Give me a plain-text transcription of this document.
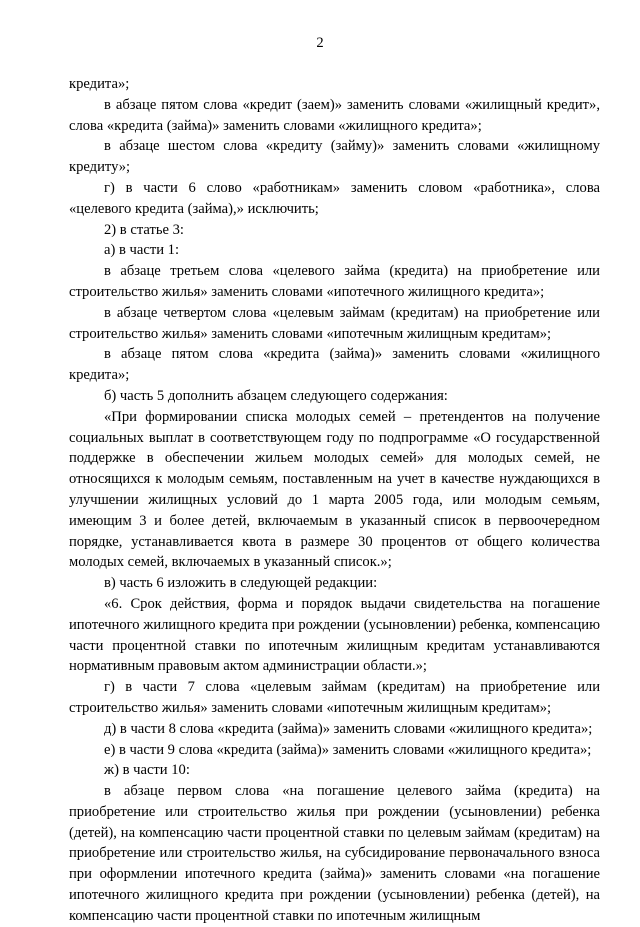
2

кредита»;

в абзаце пятом слова «кредит (заем)» заменить словами «жилищный кредит», слова «кредита (займа)» заменить словами «жилищного кредита»;

в абзаце шестом слова «кредиту (займу)» заменить словами «жилищному кредиту»;

г) в части 6 слово «работникам» заменить словом «работника», слова «целевого кредита (займа),» исключить;

2) в статье 3:

а) в части 1:

в абзаце третьем слова «целевого займа (кредита) на приобретение или строительство жилья» заменить словами «ипотечного жилищного кредита»;

в абзаце четвертом слова «целевым займам (кредитам) на приобретение или строительство жилья» заменить словами «ипотечным жилищным кредитам»;

в абзаце пятом слова «кредита (займа)» заменить словами «жилищного кредита»;

б) часть 5 дополнить абзацем следующего содержания:

«При формировании списка молодых семей – претендентов на получение социальных выплат в соответствующем году по подпрограмме «О государственной поддержке в обеспечении жильем молодых семей» для молодых семей, не относящихся к молодым семьям, поставленным на учет в качестве нуждающихся в улучшении жилищных условий до 1 марта 2005 года, или молодым семьям, имеющим 3 и более детей, включаемым в указанный список в первоочередном порядке, устанавливается квота в размере 30 процентов от общего количества молодых семей, включаемых в указанный список.»;

в) часть 6 изложить в следующей редакции:

«6. Срок действия, форма и порядок выдачи свидетельства на погашение ипотечного жилищного кредита при рождении (усыновлении) ребенка, компенсацию части процентной ставки по ипотечным жилищным кредитам устанавливаются нормативным правовым актом администрации области.»;

г) в части 7 слова «целевым займам (кредитам) на приобретение или строительство жилья» заменить словами «ипотечным жилищным кредитам»;

д) в части 8 слова «кредита (займа)» заменить словами «жилищного кредита»;

е) в части 9 слова «кредита (займа)» заменить словами «жилищного кредита»;

ж) в части 10:

в абзаце первом слова «на погашение целевого займа (кредита) на приобретение или строительство жилья при рождении (усыновлении) ребенка (детей), на компенсацию части процентной ставки по целевым займам (кредитам) на приобретение или строительство жилья, на субсидирование первоначального взноса при оформлении ипотечного кредита (займа)» заменить словами «на погашение ипотечного жилищного кредита при рождении (усыновлении) ребенка (детей), на компенсацию части процентной ставки по ипотечным жилищным
